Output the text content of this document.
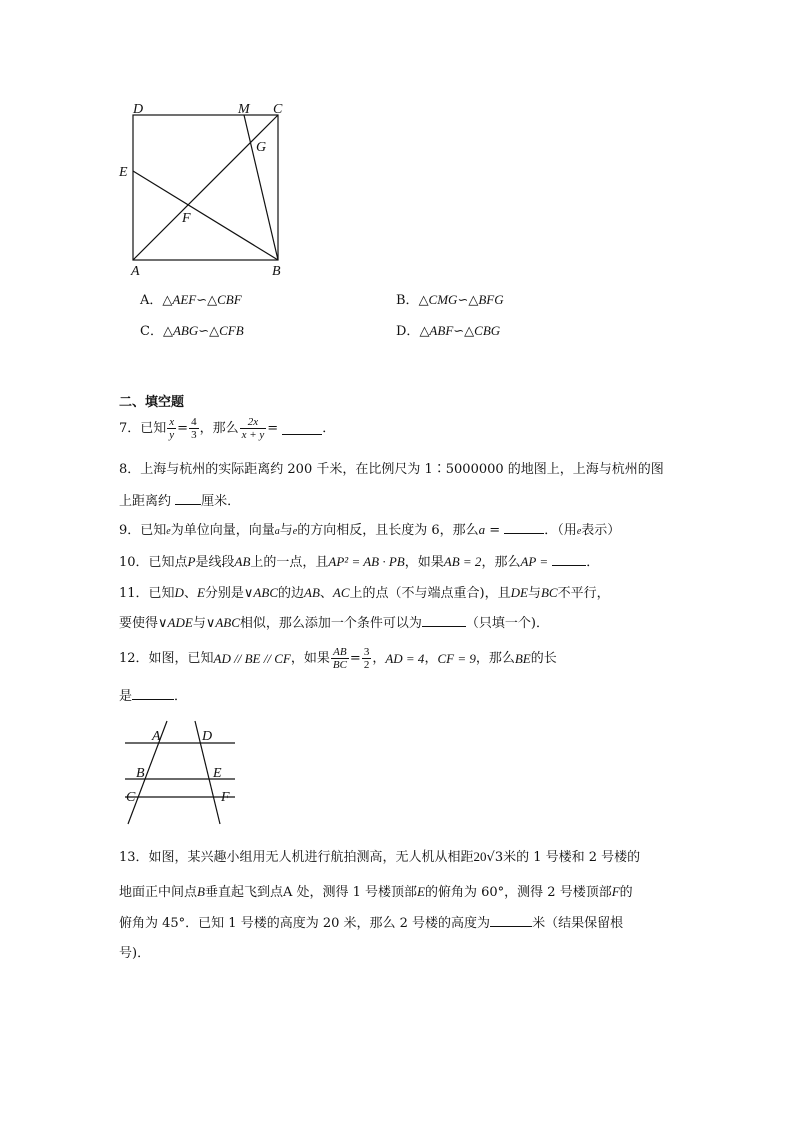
D	M C
G
E
F
A	B
A．△AEF∽△CBF	B．△CMG∽△BFG
C．△ABG∽△CFB	D．△ABF∽△CBG
二、填空题
7．已知 $\frac{x}{y} = \frac{4}{3}$ ，那么 $\frac{2x}{x + y}$ =	．
8．上海与杭州的实际距离约 200 千米，在比例尺为 1∶5000000 的地图上，上海与杭州的图
上距离约 厘米．
9．已知e为单位向量，向量a与e的方向相反，且长度为 6，那么a =	．（用e表示）
10．已知点P是线段AB上的一点，且AP² = AB · PB，如果AB = 2，那么AP =	．
11．已知D、E分别是∨ABC的边AB、AC上的点（不与端点重合)，且DE与BC不平行，
要使得∨ADE与∨ABC相似，那么添加一个条件可以为	（只填一个)．
12．如图，已知 AD // BE // CF ，如果 $\frac{AB}{BC} = \frac{3}{2}$ ， AD = 4 ， CF = 9 ，那么 BE 的长
是	．
A	D
B	E
C	F
13．如图，某兴趣小组用无人机进行航拍测高，无人机从相距20√3米的 1 号楼和 2 号楼的
地面正中间点B垂直起飞到点A 处，测得 1 号楼顶部E的俯角为 60°，测得 2 号楼顶部F的
俯角为 45°．已知 1 号楼的高度为 20 米，那么 2 号楼的高度为	米（结果保留根
号)．
